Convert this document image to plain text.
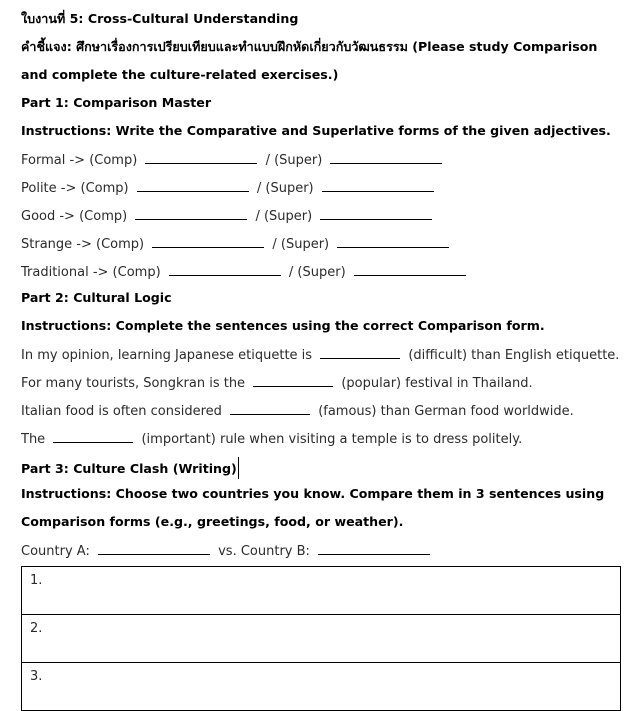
ใบงานที่ 5: Cross-Cultural Understanding
คำชี้แจง: ศึกษาเรื่องการเปรียบเทียบและทำแบบฝึกหัดเกี่ยวกับวัฒนธรรม (Please study Comparison
and complete the culture-related exercises.)
Part 1: Comparison Master
Instructions: Write the Comparative and Superlative forms of the given adjectives.
Formal -> (Comp)	/ (Super)
Polite -> (Comp)	/ (Super)
Good -> (Comp)	/ (Super)
Strange -> (Comp)	/ (Super)
Traditional -> (Comp)	/ (Super)
Part 2: Cultural Logic
Instructions: Complete the sentences using the correct Comparison form.
In my opinion, learning Japanese etiquette is	(difficult) than English etiquette.
For many tourists, Songkran is the	(popular) festival in Thailand.
Italian food is often considered	(famous) than German food worldwide.
The	(important) rule when visiting a temple is to dress politely.
Part 3: Culture Clash (Writing)
Instructions: Choose two countries you know. Compare them in 3 sentences using
Comparison forms (e.g., greetings, food, or weather).
Country A:	vs. Country B:
1.
2.
3.
